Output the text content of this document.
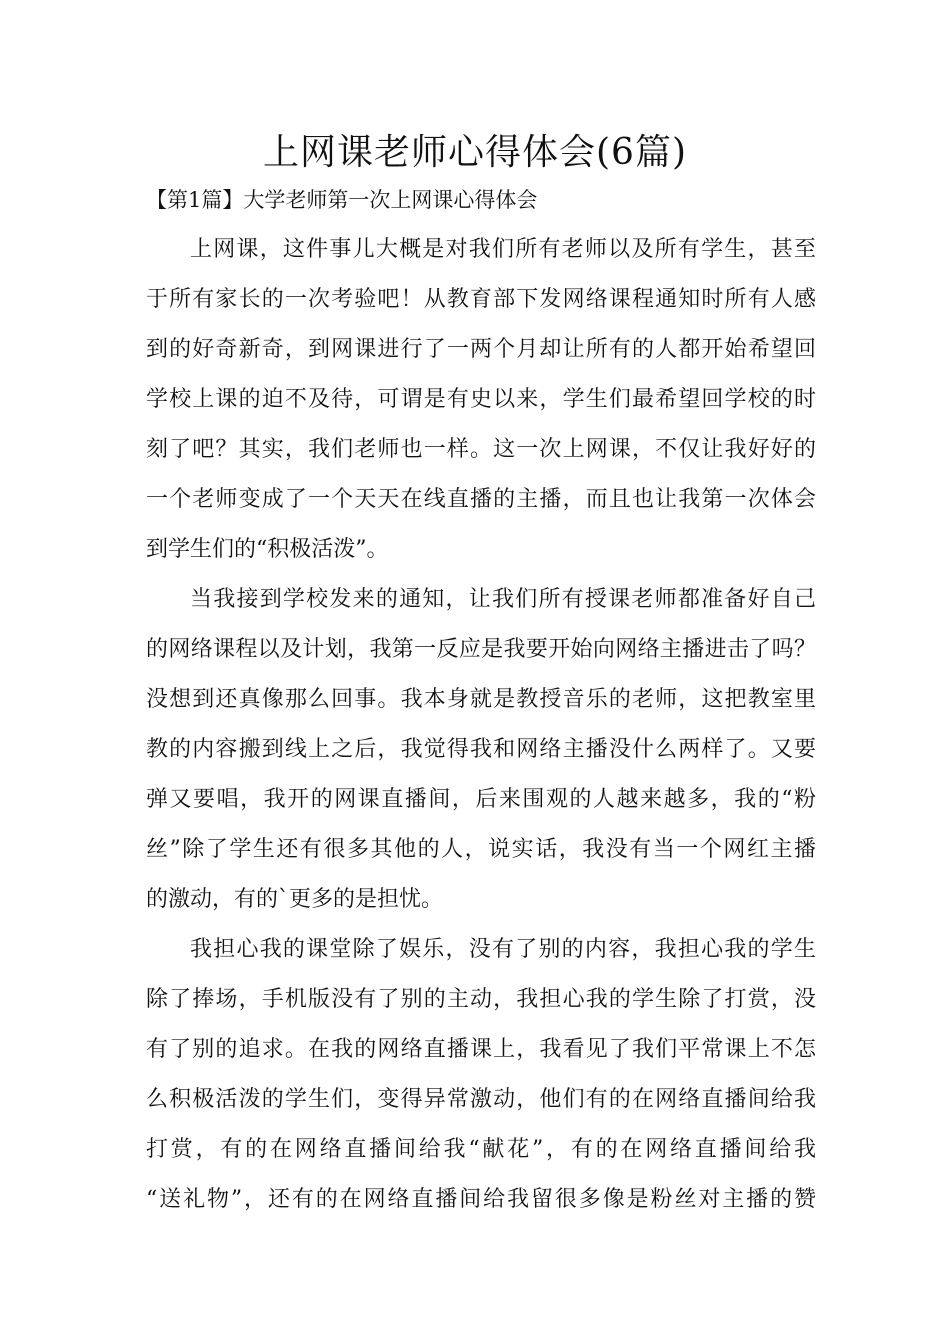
上网课老师心得体会(6篇)
【第1篇】大学老师第一次上网课心得体会
上网课，这件事儿大概是对我们所有老师以及所有学生，甚至
于所有家长的一次考验吧！从教育部下发网络课程通知时所有人感
到的好奇新奇，到网课进行了一两个月却让所有的人都开始希望回
学校上课的迫不及待，可谓是有史以来，学生们最希望回学校的时
刻了吧？其实，我们老师也一样。这一次上网课，不仅让我好好的
一个老师变成了一个天天在线直播的主播，而且也让我第一次体会
到学生们的“积极活泼”。
当我接到学校发来的通知，让我们所有授课老师都准备好自己
的网络课程以及计划，我第一反应是我要开始向网络主播进击了吗？
没想到还真像那么回事。我本身就是教授音乐的老师，这把教室里
教的内容搬到线上之后，我觉得我和网络主播没什么两样了。又要
弹又要唱，我开的网课直播间，后来围观的人越来越多，我的“粉
丝”除了学生还有很多其他的人，说实话，我没有当一个网红主播
的激动，有的`更多的是担忧。
我担心我的课堂除了娱乐，没有了别的内容，我担心我的学生
除了捧场，手机版没有了别的主动，我担心我的学生除了打赏，没
有了别的追求。在我的网络直播课上，我看见了我们平常课上不怎
么积极活泼的学生们，变得异常激动，他们有的在网络直播间给我
打赏，有的在网络直播间给我“献花”，有的在网络直播间给我
“送礼物”，还有的在网络直播间给我留很多像是粉丝对主播的赞
